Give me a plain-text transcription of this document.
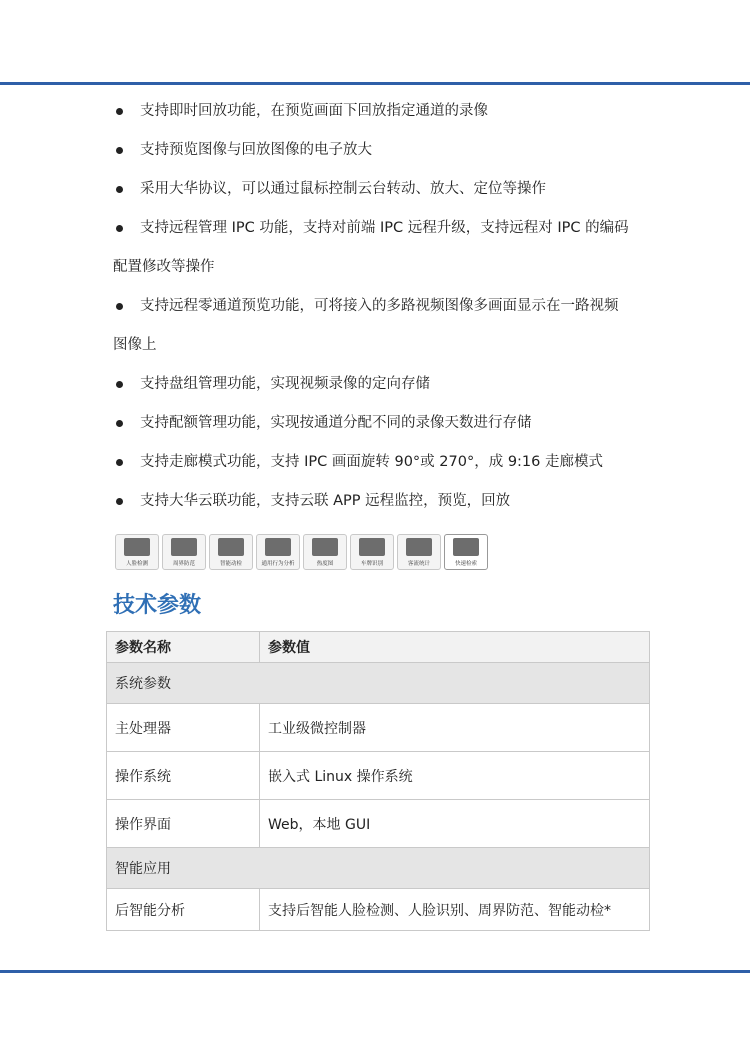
支持即时回放功能，在预览画面下回放指定通道的录像
支持预览图像与回放图像的电子放大
采用大华协议，可以通过鼠标控制云台转动、放大、定位等操作
支持远程管理 IPC 功能，支持对前端 IPC 远程升级，支持远程对 IPC 的编码
配置修改等操作
支持远程零通道预览功能，可将接入的多路视频图像多画面显示在一路视频
图像上
支持盘组管理功能，实现视频录像的定向存储
支持配额管理功能，实现按通道分配不同的录像天数进行存储
支持走廊模式功能，支持 IPC 画面旋转 90°或 270°，成 9:16 走廊模式
支持大华云联功能，支持云联 APP 远程监控，预览，回放
人脸检测	周界防范	智能动检	通用行为分析	热度图	车牌识别	客流统计	快速检索
技术参数
参数名称	参数值
系统参数	
主处理器	工业级微控制器
操作系统	嵌入式 Linux 操作系统
操作界面	Web，本地 GUI
智能应用	
后智能分析	支持后智能人脸检测、人脸识别、周界防范、智能动检*
